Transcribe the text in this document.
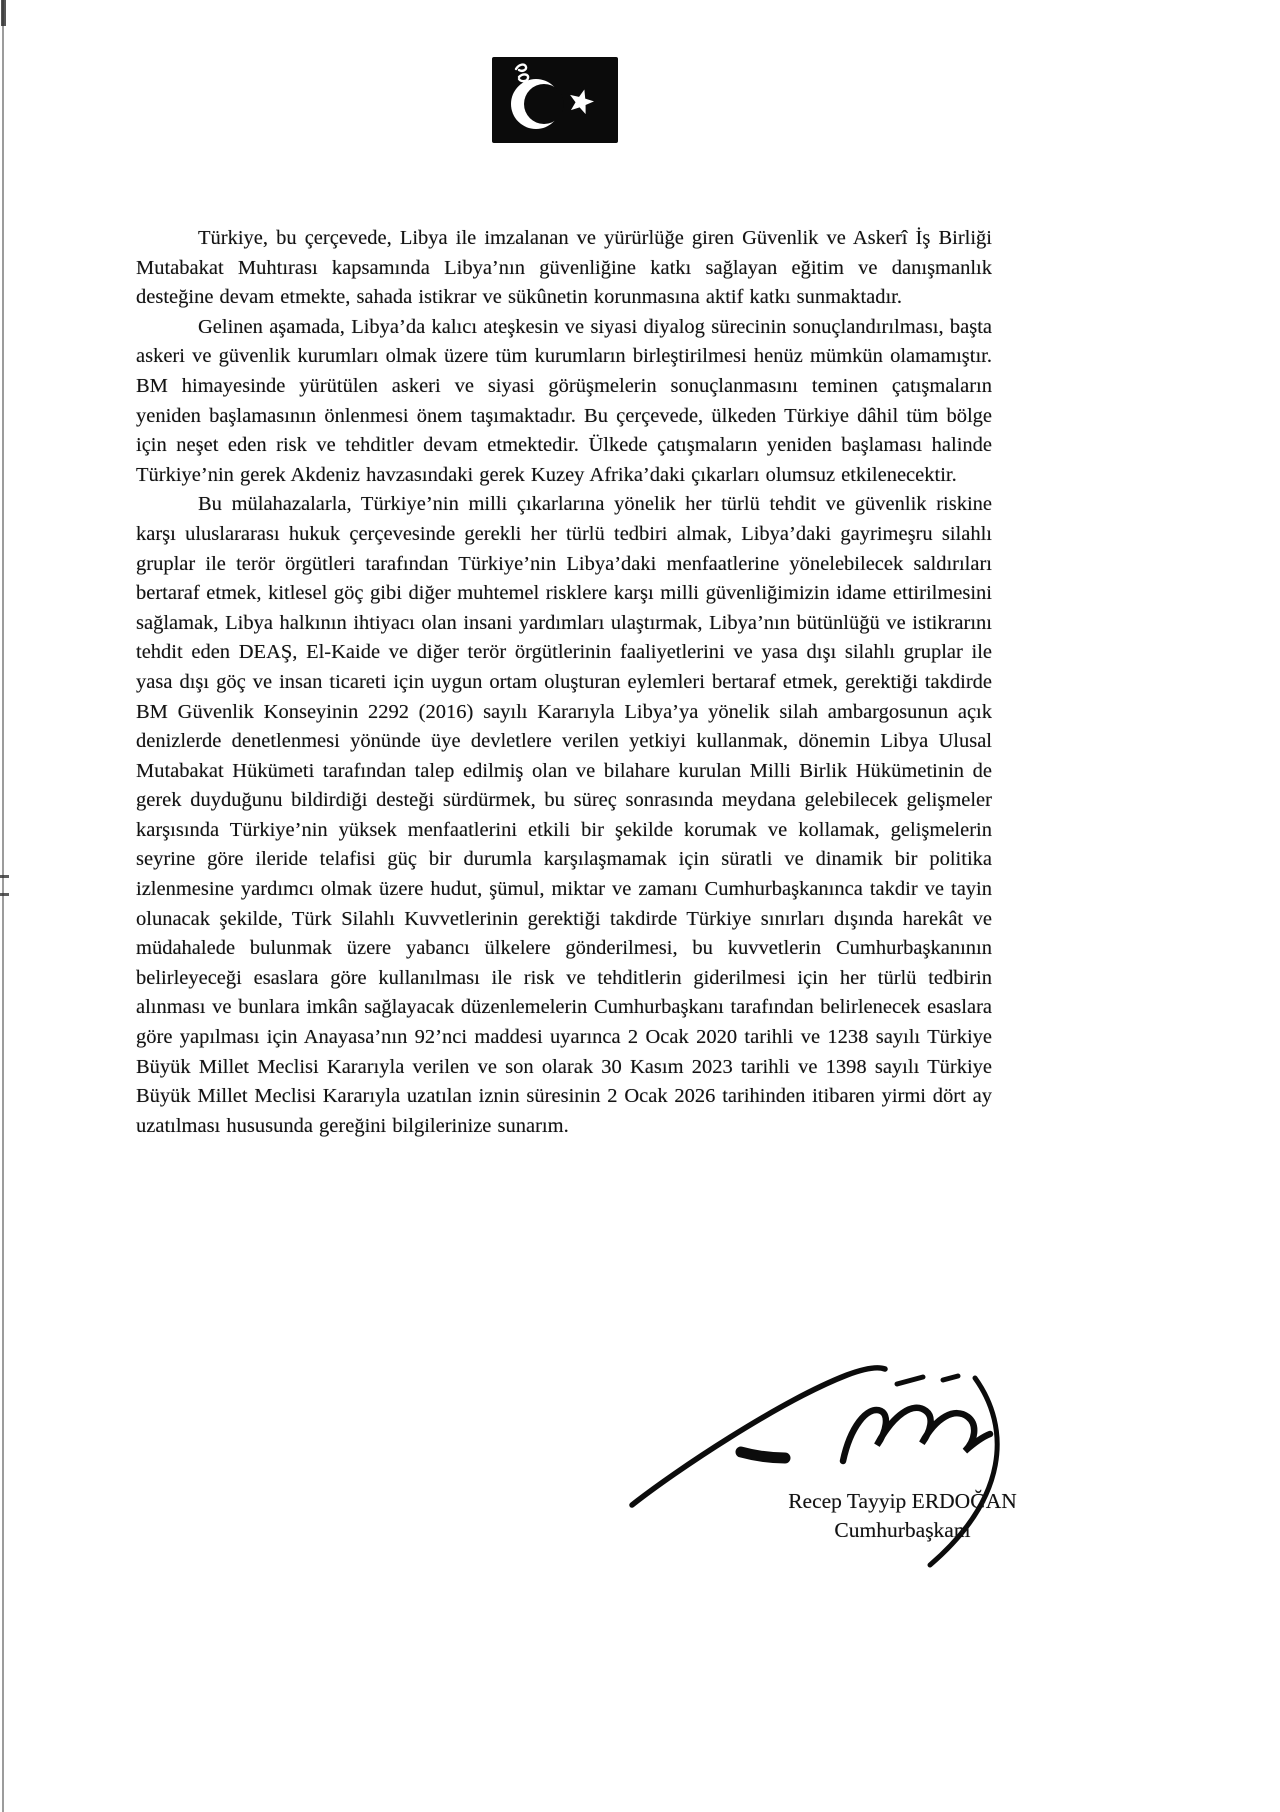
Türkiye, bu çerçevede, Libya ile imzalanan ve yürürlüğe giren Güvenlik ve Askerî İş Birliği Mutabakat Muhtırası kapsamında Libya’nın güvenliğine katkı sağlayan eğitim ve danışmanlık desteğine devam etmekte, sahada istikrar ve sükûnetin korunmasına aktif katkı sunmaktadır.

Gelinen aşamada, Libya’da kalıcı ateşkesin ve siyasi diyalog sürecinin sonuçlandırılması, başta askeri ve güvenlik kurumları olmak üzere tüm kurumların birleştirilmesi henüz mümkün olamamıştır. BM himayesinde yürütülen askeri ve siyasi görüşmelerin sonuçlanmasını teminen çatışmaların yeniden başlamasının önlenmesi önem taşımaktadır. Bu çerçevede, ülkeden Türkiye dâhil tüm bölge için neşet eden risk ve tehditler devam etmektedir. Ülkede çatışmaların yeniden başlaması halinde Türkiye’nin gerek Akdeniz havzasındaki gerek Kuzey Afrika’daki çıkarları olumsuz etkilenecektir.

Bu mülahazalarla, Türkiye’nin milli çıkarlarına yönelik her türlü tehdit ve güvenlik riskine karşı uluslararası hukuk çerçevesinde gerekli her türlü tedbiri almak, Libya’daki gayrimeşru silahlı gruplar ile terör örgütleri tarafından Türkiye’nin Libya’daki menfaatlerine yönelebilecek saldırıları bertaraf etmek, kitlesel göç gibi diğer muhtemel risklere karşı milli güvenliğimizin idame ettirilmesini sağlamak, Libya halkının ihtiyacı olan insani yardımları ulaştırmak, Libya’nın bütünlüğü ve istikrarını tehdit eden DEAŞ, El-Kaide ve diğer terör örgütlerinin faaliyetlerini ve yasa dışı silahlı gruplar ile yasa dışı göç ve insan ticareti için uygun ortam oluşturan eylemleri bertaraf etmek, gerektiği takdirde BM Güvenlik Konseyinin 2292 (2016) sayılı Kararıyla Libya’ya yönelik silah ambargosunun açık denizlerde denetlenmesi yönünde üye devletlere verilen yetkiyi kullanmak, dönemin Libya Ulusal Mutabakat Hükümeti tarafından talep edilmiş olan ve bilahare kurulan Milli Birlik Hükümetinin de gerek duyduğunu bildirdiği desteği sürdürmek, bu süreç sonrasında meydana gelebilecek gelişmeler karşısında Türkiye’nin yüksek menfaatlerini etkili bir şekilde korumak ve kollamak, gelişmelerin seyrine göre ileride telafisi güç bir durumla karşılaşmamak için süratli ve dinamik bir politika izlenmesine yardımcı olmak üzere hudut, şümul, miktar ve zamanı Cumhurbaşkanınca takdir ve tayin olunacak şekilde, Türk Silahlı Kuvvetlerinin gerektiği takdirde Türkiye sınırları dışında harekât ve müdahalede bulunmak üzere yabancı ülkelere gönderilmesi, bu kuvvetlerin Cumhurbaşkanının belirleyeceği esaslara göre kullanılması ile risk ve tehditlerin giderilmesi için her türlü tedbirin alınması ve bunlara imkân sağlayacak düzenlemelerin Cumhurbaşkanı tarafından belirlenecek esaslara göre yapılması için Anayasa’nın 92’nci maddesi uyarınca 2 Ocak 2020 tarihli ve 1238 sayılı Türkiye Büyük Millet Meclisi Kararıyla verilen ve son olarak 30 Kasım 2023 tarihli ve 1398 sayılı Türkiye Büyük Millet Meclisi Kararıyla uzatılan iznin süresinin 2 Ocak 2026 tarihinden itibaren yirmi dört ay uzatılması hususunda gereğini bilgilerinize sunarım.

Recep Tayyip ERDOĞAN
Cumhurbaşkanı
